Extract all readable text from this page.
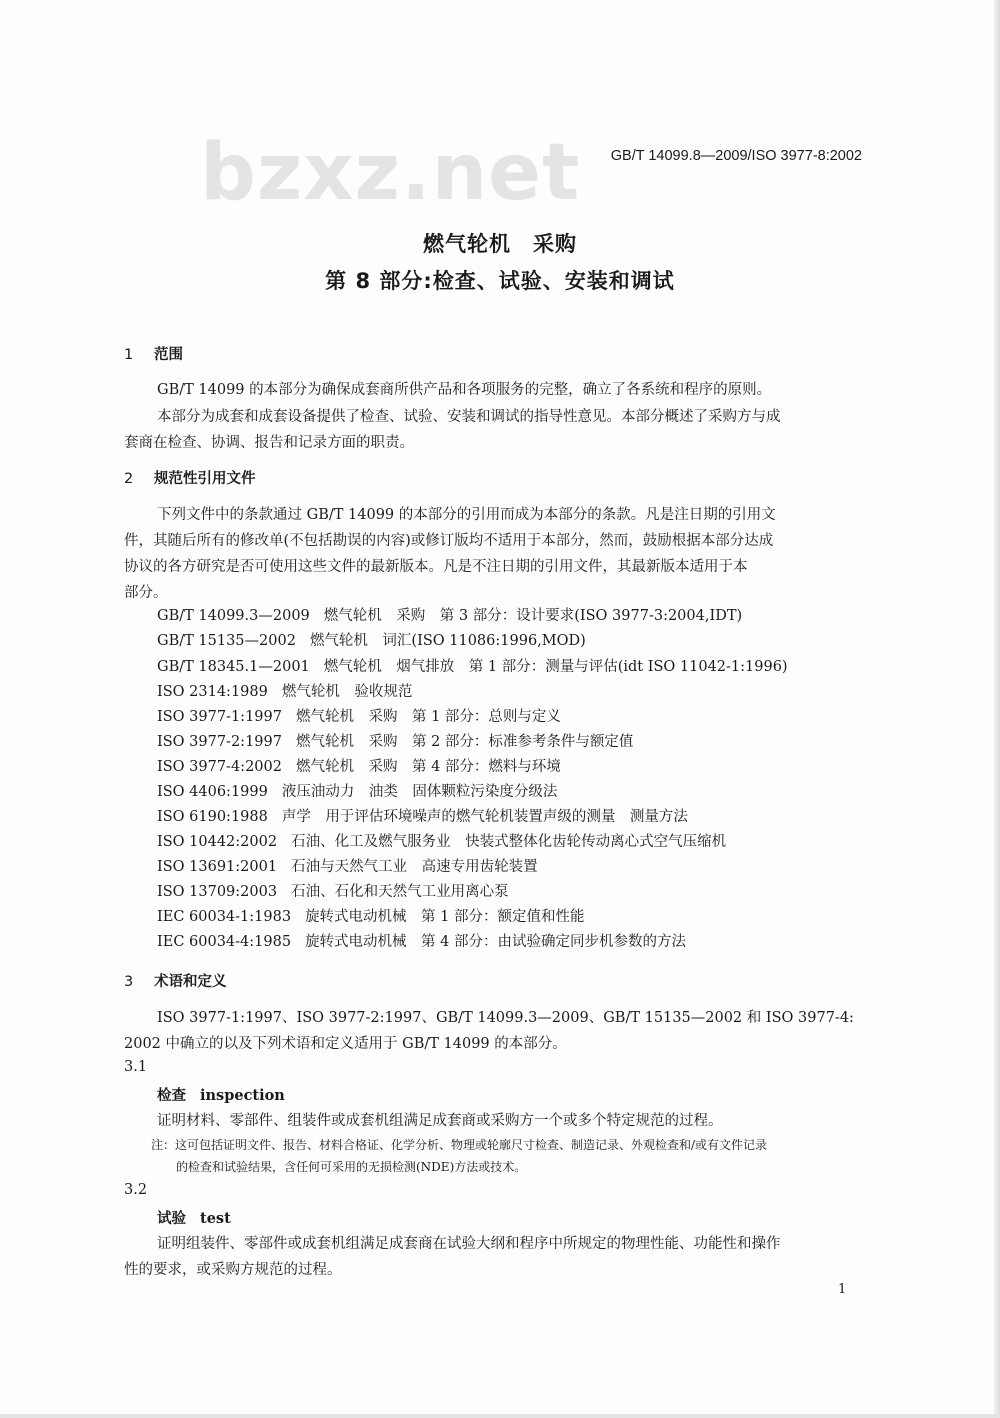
bzxz.net GB/T 14099.8—2009/ISO 3977-8:2002
燃气轮机　采购
第 8 部分:检查、试验、安装和调试
1 范围
GB/T 14099 的本部分为确保成套商所供产品和各项服务的完整，确立了各系统和程序的原则。
本部分为成套和成套设备提供了检查、试验、安装和调试的指导性意见。本部分概述了采购方与成
套商在检查、协调、报告和记录方面的职责。
2 规范性引用文件
下列文件中的条款通过 GB/T 14099 的本部分的引用而成为本部分的条款。凡是注日期的引用文
件，其随后所有的修改单(不包括勘误的内容)或修订版均不适用于本部分，然而，鼓励根据本部分达成
协议的各方研究是否可使用这些文件的最新版本。凡是不注日期的引用文件，其最新版本适用于本
部分。
GB/T 14099.3—2009 燃气轮机　采购　第 3 部分：设计要求(ISO 3977-3:2004,IDT)
GB/T 15135—2002 燃气轮机　词汇(ISO 11086:1996,MOD)
GB/T 18345.1—2001 燃气轮机　烟气排放　第 1 部分：测量与评估(idt ISO 11042-1:1996)
ISO 2314:1989 燃气轮机　验收规范
ISO 3977-1:1997 燃气轮机　采购　第 1 部分：总则与定义
ISO 3977-2:1997 燃气轮机　采购　第 2 部分：标准参考条件与额定值
ISO 3977-4:2002 燃气轮机　采购　第 4 部分：燃料与环境
ISO 4406:1999 液压油动力　油类　固体颗粒污染度分级法
ISO 6190:1988 声学　用于评估环境噪声的燃气轮机装置声级的测量　测量方法
ISO 10442:2002 石油、化工及燃气服务业　快装式整体化齿轮传动离心式空气压缩机
ISO 13691:2001 石油与天然气工业　高速专用齿轮装置
ISO 13709:2003 石油、石化和天然气工业用离心泵
IEC 60034-1:1983 旋转式电动机械　第 1 部分：额定值和性能
IEC 60034-4:1985 旋转式电动机械　第 4 部分：由试验确定同步机参数的方法
3 术语和定义
ISO 3977-1:1997、ISO 3977-2:1997、GB/T 14099.3—2009、GB/T 15135—2002 和 ISO 3977-4:
2002 中确立的以及下列术语和定义适用于 GB/T 14099 的本部分。
3.1
检查 inspection
证明材料、零部件、组装件或成套机组满足成套商或采购方一个或多个特定规范的过程。
注：这可包括证明文件、报告、材料合格证、化学分析、物理或轮廓尺寸检查、制造记录、外观检查和/或有文件记录
的检查和试验结果，含任何可采用的无损检测(NDE)方法或技术。
3.2
试验 test
证明组装件、零部件或成套机组满足成套商在试验大纲和程序中所规定的物理性能、功能性和操作
性的要求，或采购方规范的过程。
1
